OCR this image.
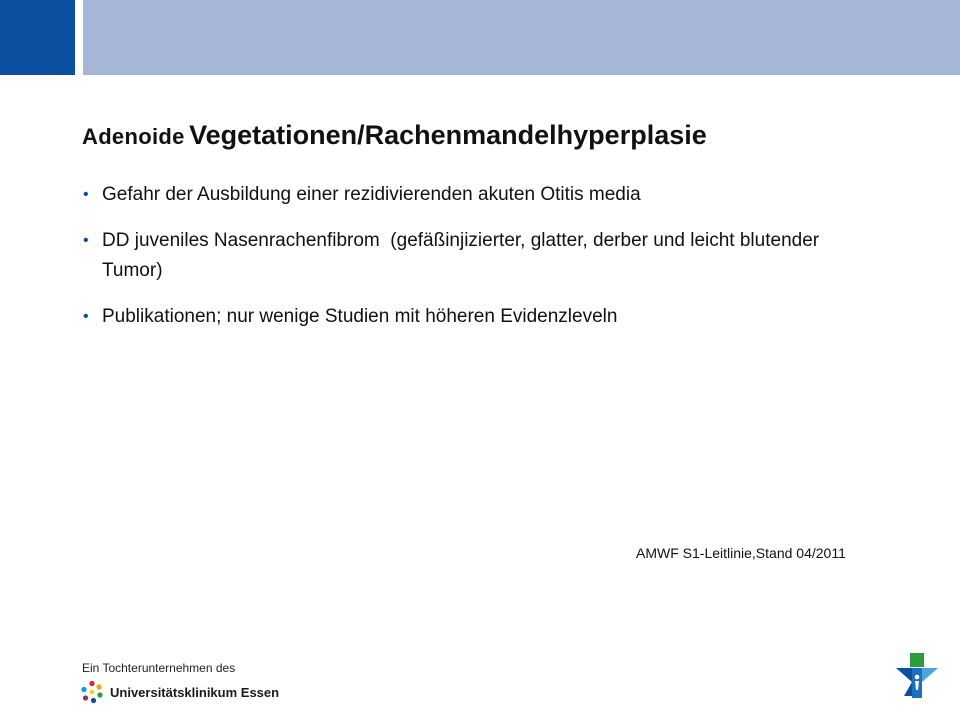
Adenoide Vegetationen/Rachenmandelhyperplasie
• Gefahr der Ausbildung einer rezidivierenden akuten Otitis media
• DD juveniles Nasenrachenfibrom  (gefäßinjizierter, glatter, derber und leicht blutender Tumor)
• Publikationen; nur wenige Studien mit höheren Evidenzleveln
AMWF S1-Leitlinie,Stand 04/2011
Ein Tochterunternehmen des
Universitätsklinikum Essen
